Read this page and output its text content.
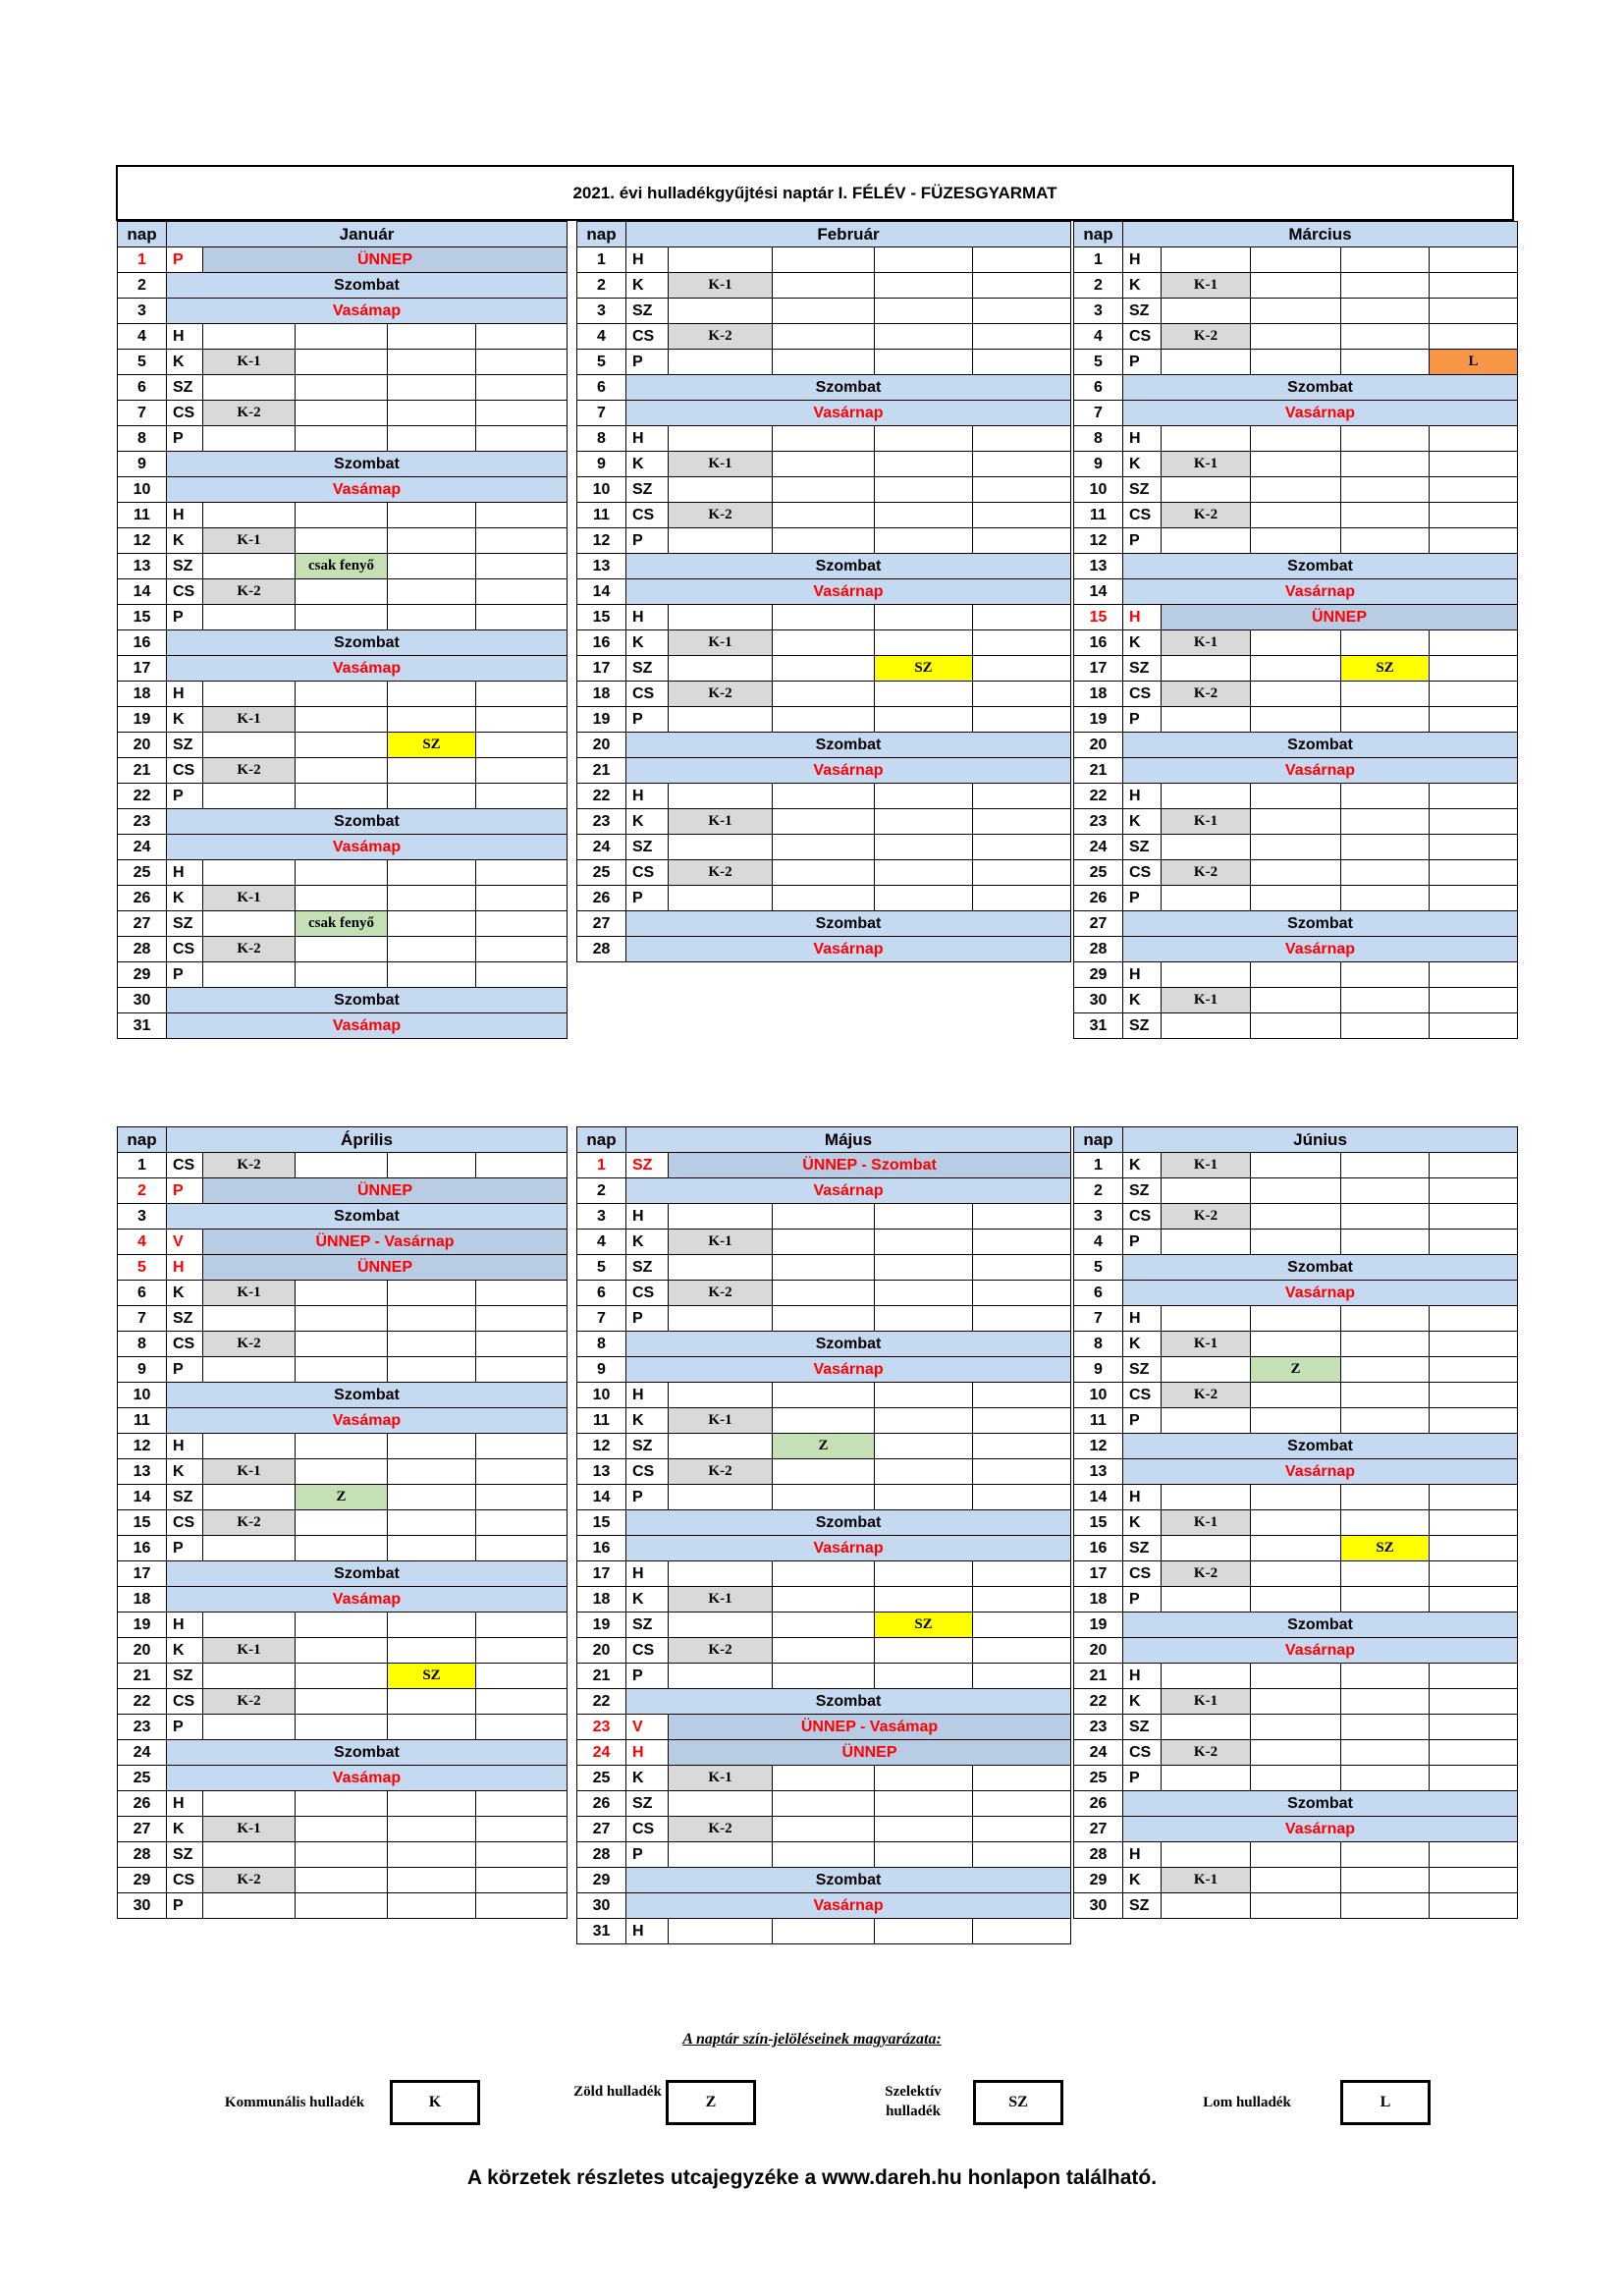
2021. évi hulladékgyűjtési naptár I. FÉLÉV - FÜZESGYARMAT
nap	Január				
1	P	ÜNNEP			
2	Szombat				
3	Vasámap				
4	H				
5	K	K-1			
6	SZ				
7	CS	K-2			
8	P				
9	Szombat				
10	Vasámap				
11	H				
12	K	K-1			
13	SZ		csak fenyő		
14	CS	K-2			
15	P				
16	Szombat				
17	Vasámap				
18	H				
19	K	K-1			
20	SZ			SZ	
21	CS	K-2			
22	P				
23	Szombat				
24	Vasámap				
25	H				
26	K	K-1			
27	SZ		csak fenyő		
28	CS	K-2			
29	P				
30	Szombat				
31	Vasámap				
nap	Február				
1	H				
2	K	K-1			
3	SZ				
4	CS	K-2			
5	P				
6	Szombat				
7	Vasárnap				
8	H				
9	K	K-1			
10	SZ				
11	CS	K-2			
12	P				
13	Szombat				
14	Vasárnap				
15	H				
16	K	K-1			
17	SZ			SZ	
18	CS	K-2			
19	P				
20	Szombat				
21	Vasárnap				
22	H				
23	K	K-1			
24	SZ				
25	CS	K-2			
26	P				
27	Szombat				
28	Vasárnap				
nap	Március				
1	H				
2	K	K-1			
3	SZ				
4	CS	K-2			
5	P				L
6	Szombat				
7	Vasárnap				
8	H				
9	K	K-1			
10	SZ				
11	CS	K-2			
12	P				
13	Szombat				
14	Vasárnap				
15	H	ÜNNEP			
16	K	K-1			
17	SZ			SZ	
18	CS	K-2			
19	P				
20	Szombat				
21	Vasárnap				
22	H				
23	K	K-1			
24	SZ				
25	CS	K-2			
26	P				
27	Szombat				
28	Vasárnap				
29	H				
30	K	K-1			
31	SZ				
nap	Április				
1	CS	K-2			
2	P	ÜNNEP			
3	Szombat				
4	V	ÜNNEP - Vasárnap			
5	H	ÜNNEP			
6	K	K-1			
7	SZ				
8	CS	K-2			
9	P				
10	Szombat				
11	Vasámap				
12	H				
13	K	K-1			
14	SZ		Z		
15	CS	K-2			
16	P				
17	Szombat				
18	Vasámap				
19	H				
20	K	K-1			
21	SZ			SZ	
22	CS	K-2			
23	P				
24	Szombat				
25	Vasámap				
26	H				
27	K	K-1			
28	SZ				
29	CS	K-2			
30	P				
nap	Május				
1	SZ	ÜNNEP - Szombat			
2	Vasárnap				
3	H				
4	K	K-1			
5	SZ				
6	CS	K-2			
7	P				
8	Szombat				
9	Vasárnap				
10	H				
11	K	K-1			
12	SZ		Z		
13	CS	K-2			
14	P				
15	Szombat				
16	Vasárnap				
17	H				
18	K	K-1			
19	SZ			SZ	
20	CS	K-2			
21	P				
22	Szombat				
23	V	ÜNNEP - Vasámap			
24	H	ÜNNEP			
25	K	K-1			
26	SZ				
27	CS	K-2			
28	P				
29	Szombat				
30	Vasárnap				
31	H				
nap	Június				
1	K	K-1			
2	SZ				
3	CS	K-2			
4	P				
5	Szombat				
6	Vasárnap				
7	H				
8	K	K-1			
9	SZ		Z		
10	CS	K-2			
11	P				
12	Szombat				
13	Vasárnap				
14	H				
15	K	K-1			
16	SZ			SZ	
17	CS	K-2			
18	P				
19	Szombat				
20	Vasárnap				
21	H				
22	K	K-1			
23	SZ				
24	CS	K-2			
25	P				
26	Szombat				
27	Vasárnap				
28	H				
29	K	K-1			
30	SZ				
A naptár szín-jelöléseinek magyarázata:
Kommunális hulladék	K
Zöld hulladék
Z
Szelektív hulladék
SZ	Lom hulladék	L
A körzetek részletes utcajegyzéke a www.dareh.hu honlapon található.
